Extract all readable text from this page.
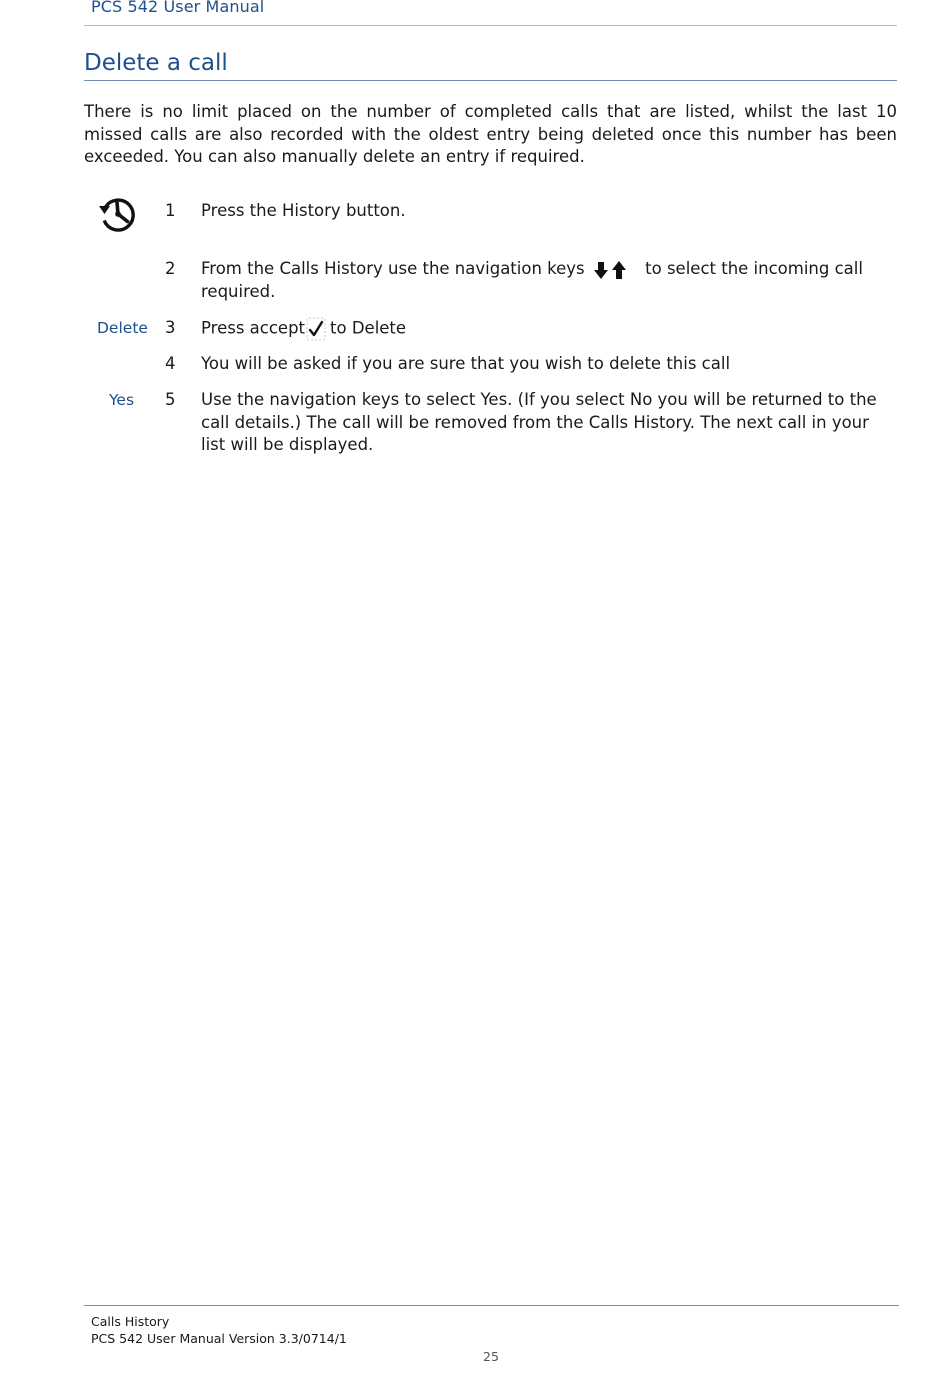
PCS 542 User Manual
Delete a call

There is no limit placed on the number of completed calls that are listed, whilst the last 10 missed calls are also recorded with the oldest entry being deleted once this number has been exceeded. You can also manually delete an entry if required.

1 Press the History button.
2 From the Calls History use the navigation keys	to select the incoming call required.
Delete 3 Press accept to Delete
4 You will be asked if you are sure that you wish to delete this call
Yes 5 Use the navigation keys to select Yes. (If you select No you will be returned to the call details.) The call will be removed from the Calls History. The next call in your list will be displayed.
Calls History
PCS 542 User Manual Version 3.3/0714/1
25
